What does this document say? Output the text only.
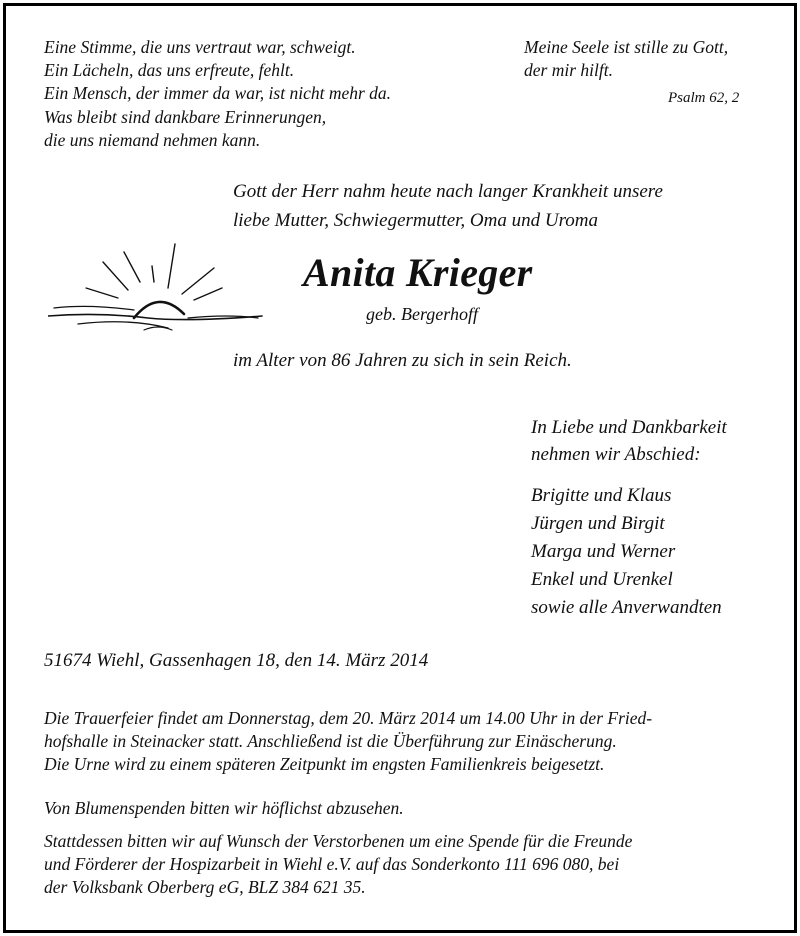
Eine Stimme, die uns vertraut war, schweigt.
Ein Lächeln, das uns erfreute, fehlt.
Ein Mensch, der immer da war, ist nicht mehr da.
Was bleibt sind dankbare Erinnerungen,
die uns niemand nehmen kann.
Meine Seele ist stille zu Gott,
der mir hilft.
Psalm 62, 2
Gott der Herr nahm heute nach langer Krankheit unsere
liebe Mutter, Schwiegermutter, Oma und Uroma
Anita Krieger
geb. Bergerhoff
im Alter von 86 Jahren zu sich in sein Reich.
In Liebe und Dankbarkeit
nehmen wir Abschied:
Brigitte und Klaus
Jürgen und Birgit
Marga und Werner
Enkel und Urenkel
sowie alle Anverwandten
51674 Wiehl, Gassenhagen 18, den 14. März 2014
Die Trauerfeier findet am Donnerstag, dem 20. März 2014 um 14.00 Uhr in der Fried-
hofshalle in Steinacker statt. Anschließend ist die Überführung zur Einäscherung.
Die Urne wird zu einem späteren Zeitpunkt im engsten Familienkreis beigesetzt.
Von Blumenspenden bitten wir höflichst abzusehen.
Stattdessen bitten wir auf Wunsch der Verstorbenen um eine Spende für die Freunde
und Förderer der Hospizarbeit in Wiehl e.V. auf das Sonderkonto 111 696 080, bei
der Volksbank Oberberg eG, BLZ 384 621 35.
